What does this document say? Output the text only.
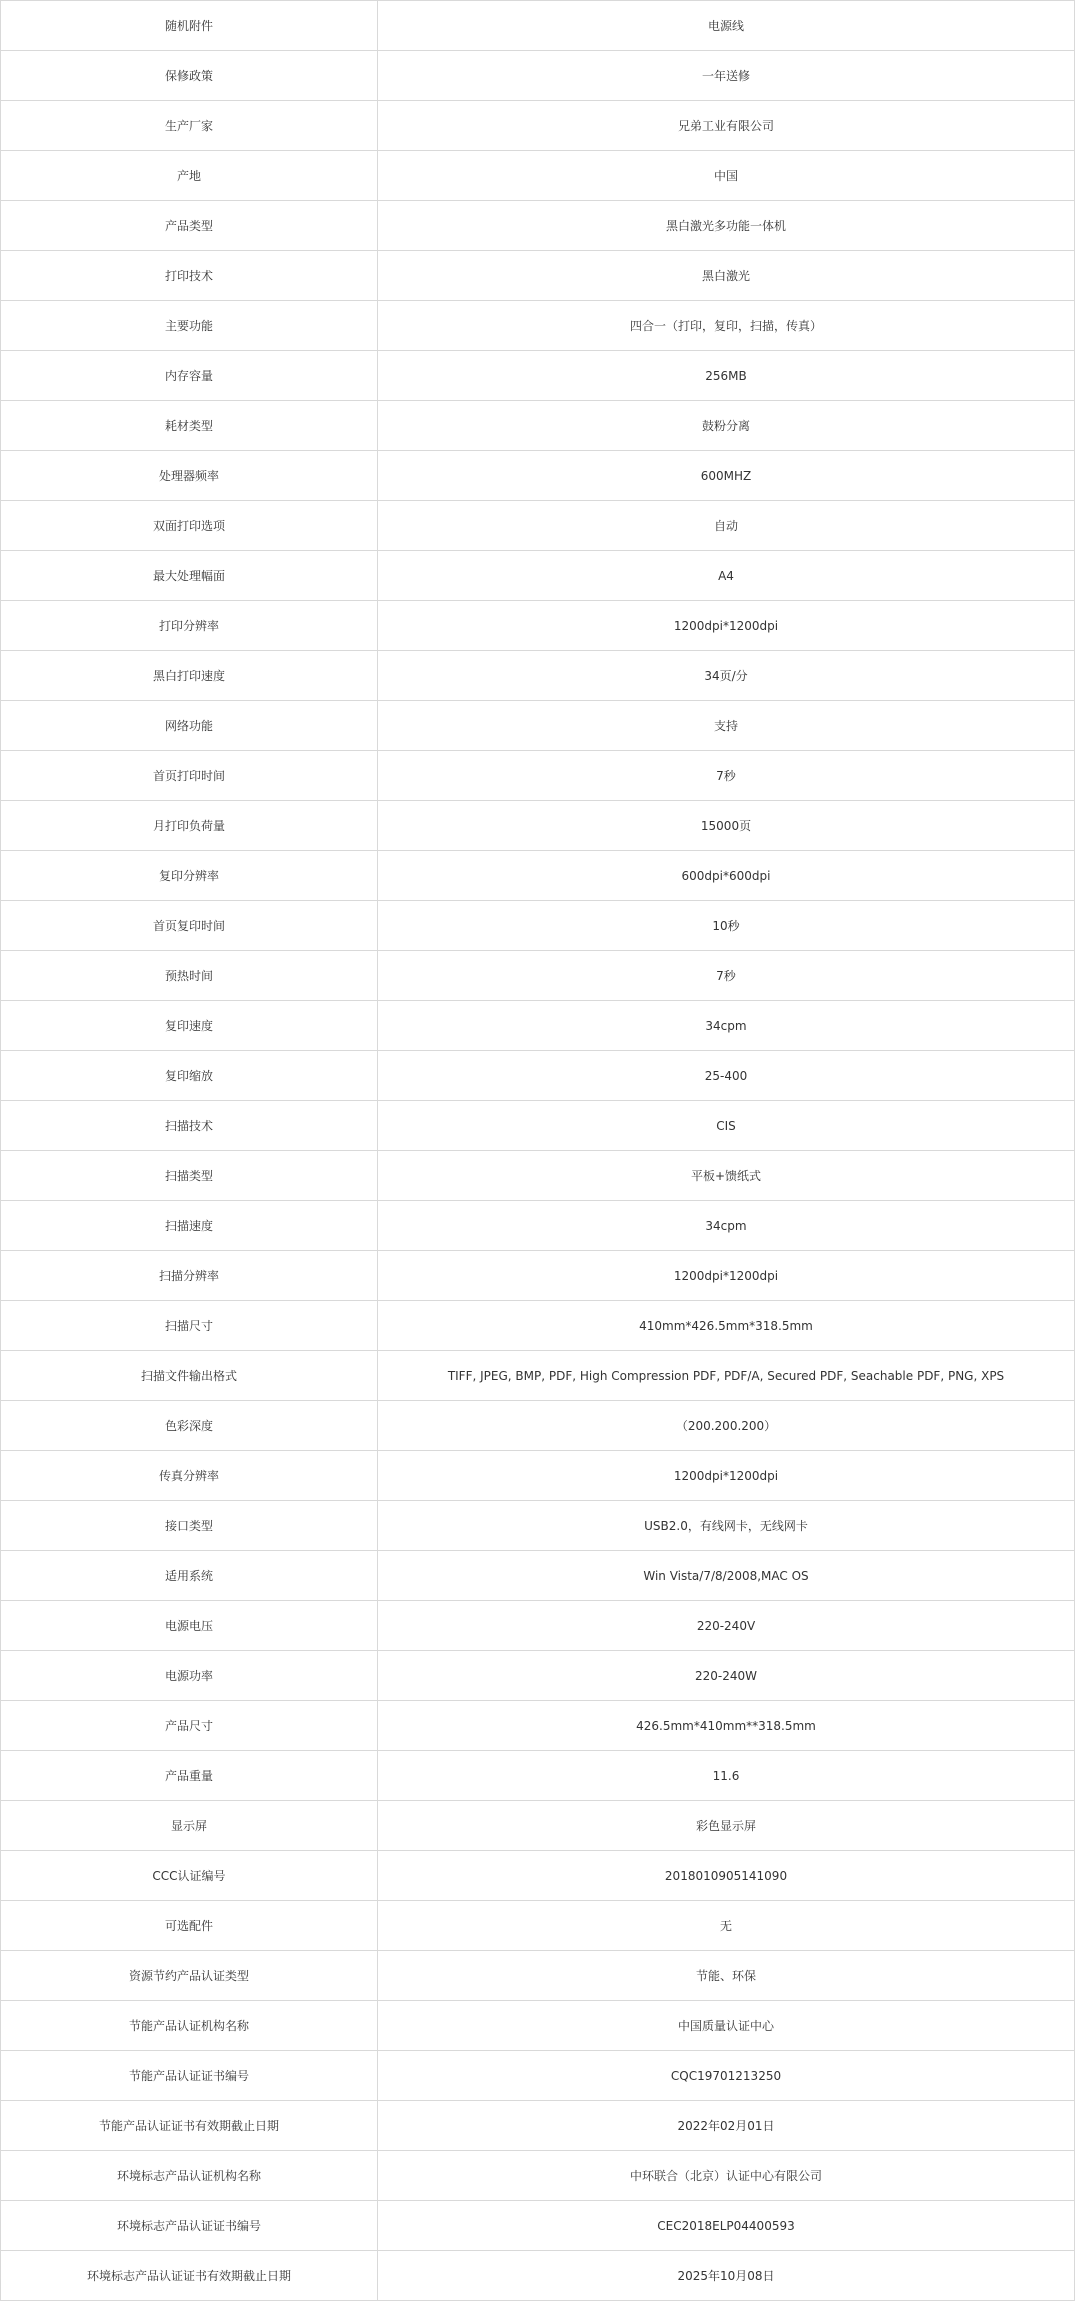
随机附件	电源线
保修政策	一年送修
生产厂家	兄弟工业有限公司
产地	中国
产品类型	黑白激光多功能一体机
打印技术	黑白激光
主要功能	四合一（打印，复印，扫描，传真）
内存容量	256MB
耗材类型	鼓粉分离
处理器频率	600MHZ
双面打印选项	自动
最大处理幅面	A4
打印分辨率	1200dpi*1200dpi
黑白打印速度	34页/分
网络功能	支持
首页打印时间	7秒
月打印负荷量	15000页
复印分辨率	600dpi*600dpi
首页复印时间	10秒
预热时间	7秒
复印速度	34cpm
复印缩放	25-400
扫描技术	CIS
扫描类型	平板+馈纸式
扫描速度	34cpm
扫描分辨率	1200dpi*1200dpi
扫描尺寸	410mm*426.5mm*318.5mm
扫描文件输出格式	TIFF, JPEG, BMP, PDF, High Compression PDF, PDF/A, Secured PDF, Seachable PDF, PNG, XPS
色彩深度	（200.200.200）
传真分辨率	1200dpi*1200dpi
接口类型	USB2.0，有线网卡，无线网卡
适用系统	Win Vista/7/8/2008,MAC OS
电源电压	220-240V
电源功率	220-240W
产品尺寸	426.5mm*410mm**318.5mm
产品重量	11.6
显示屏	彩色显示屏
CCC认证编号	2018010905141090
可选配件	无
资源节约产品认证类型	节能、环保
节能产品认证机构名称	中国质量认证中心
节能产品认证证书编号	CQC19701213250
节能产品认证证书有效期截止日期	2022年02月01日
环境标志产品认证机构名称	中环联合（北京）认证中心有限公司
环境标志产品认证证书编号	CEC2018ELP04400593
环境标志产品认证证书有效期截止日期	2025年10月08日
